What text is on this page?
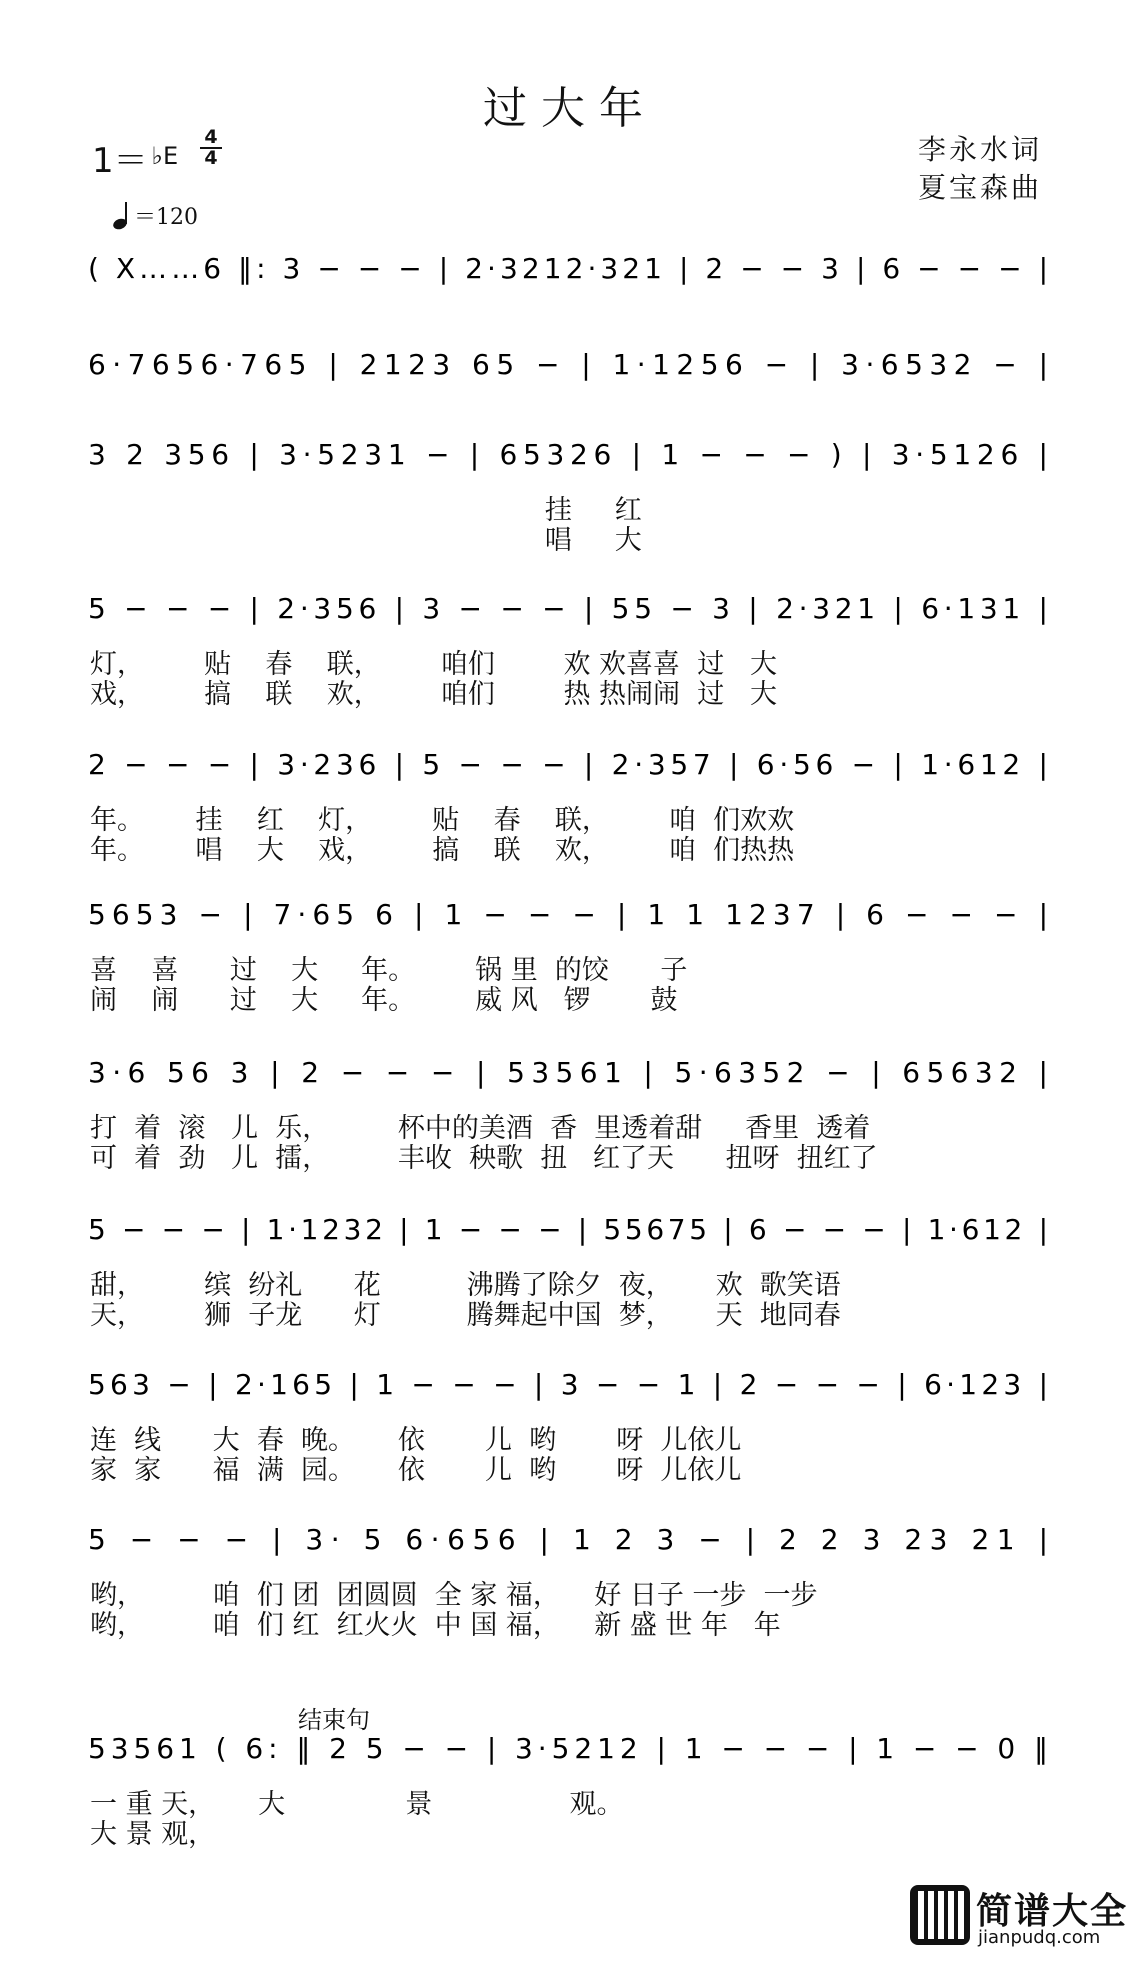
过大年
1＝ $^{♭E}$
4
4
＝120
李永水词
夏宝森曲
( X……6 ‖: 3 − − − | 2·3212·321 | 2 − − 3 | 6 − − − |
6·7656·765 | 2123 65 − | 1·1256 − | 3·6532 − |
3 2 356 | 3·5231 − | 65326 | 1 − − − ) | 3·5126 |
挂     红
唱     大
5 − − − | 2·356 | 3 − − − | 55 − 3 | 2·321 | 6·131 |
灯，       贴    春    联，       咱们        欢 欢喜喜  过   大
戏，       搞    联    欢，       咱们        热 热闹闹  过   大
2 − − − | 3·236 | 5 − − − | 2·357 | 6·56 − | 1·612 |
年。      挂    红    灯，       贴    春    联，       咱  们欢欢
年。      唱    大    戏，       搞    联    欢，       咱  们热热
5653 − | 7·65 6 | 1 − − − | 1 1 1237 | 6 − − − |
喜    喜      过    大     年。       锅 里  的饺      子
闹    闹      过    大     年。       威 风   锣       鼓
3·6 56 3 | 2 − − − | 53561 | 5·6352 − | 65632 |
打  着  滚   儿  乐，        杯中的美酒  香  里透着甜     香里  透着
可  着  劲   儿  擂，        丰收  秧歌  扭   红了天      扭呀  扭红了
5 − − − | 1·1232 | 1 − − − | 55675 | 6 − − − | 1·612 |
甜，       缤  纷礼      花          沸腾了除夕  夜，     欢  歌笑语
天，       狮  子龙      灯          腾舞起中国  梦，     天  地同春
563 − | 2·165 | 1 − − − | 3 − − 1 | 2 − − − | 6·123 |
连  线      大  春  晚。     依       儿  哟       呀  儿依儿
家  家      福  满  园。     依       儿  哟       呀  儿依儿
5 − − − | 3· 5 6·656 | 1 2 3 − | 2 2 3 23 21 |
哟，        咱  们 团  团圆圆  全 家 福，    好 日子 一步  一步
哟，        咱  们 红  红火火  中 国 福，    新 盛 世 年   年
53561 ( 6: ‖ 2 5 − − | 3·5212 | 1 − − − | 1 − − 0 ‖
一 重 天，     大              景                观。
大 景 观，
结束句
简谱大全
jianpudq.com
